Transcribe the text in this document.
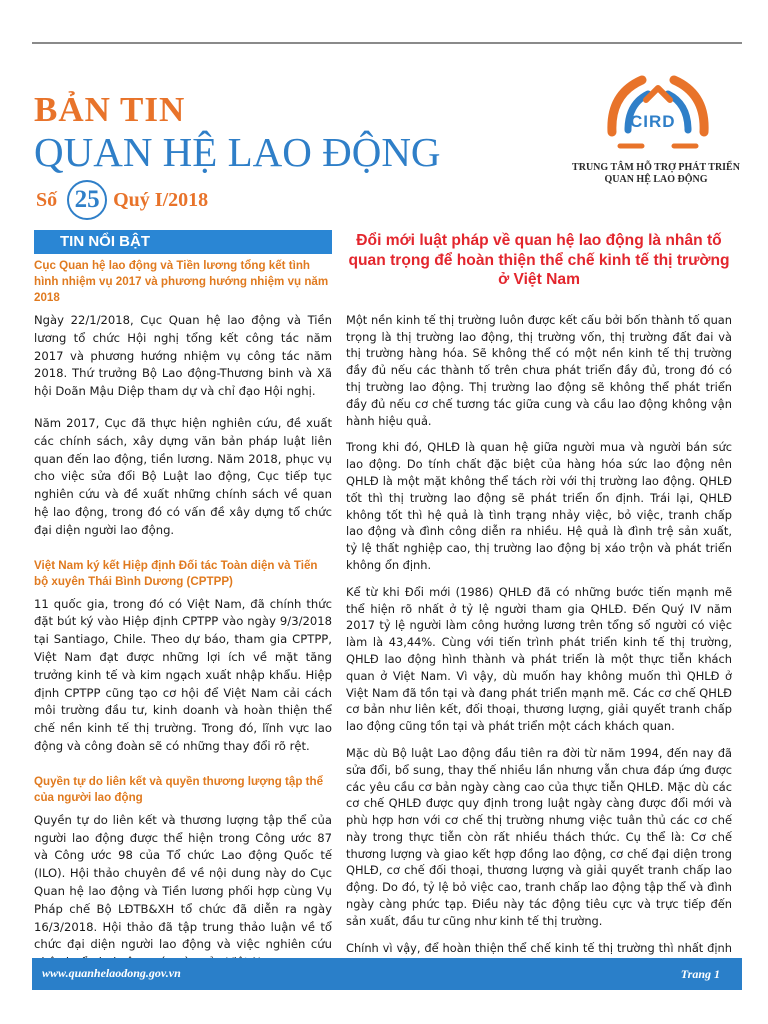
BẢN TIN
QUAN HỆ LAO ĐỘNG
Số 25 Quý I/2018
CIRD
TRUNG TÂM HỖ TRỢ PHÁT TRIỂN
QUAN HỆ LAO ĐỘNG
TIN NỔI BẬT
Cục Quan hệ lao động và Tiền lương tổng kết tình hình nhiệm vụ 2017 và phương hướng nhiệm vụ năm 2018

Ngày 22/1/2018, Cục Quan hệ lao động và Tiền lương tổ chức Hội nghị tổng kết công tác năm 2017 và phương hướng nhiệm vụ công tác năm 2018. Thứ trưởng Bộ Lao động-Thương binh và Xã hội Doãn Mậu Diệp tham dự và chỉ đạo Hội nghị.

Năm 2017, Cục đã thực hiện nghiên cứu, đề xuất các chính sách, xây dựng văn bản pháp luật liên quan đến lao động, tiền lương. Năm 2018, phục vụ cho việc sửa đổi Bộ Luật lao động, Cục tiếp tục nghiên cứu và đề xuất những chính sách về quan hệ lao động, trong đó có vấn đề xây dựng tổ chức đại diện người lao động.

Việt Nam ký kết Hiệp định Đối tác Toàn diện và Tiến bộ xuyên Thái Bình Dương (CPTPP)

11 quốc gia, trong đó có Việt Nam, đã chính thức đặt bút ký vào Hiệp định CPTPP vào ngày 9/3/2018 tại Santiago, Chile. Theo dự báo, tham gia CPTPP, Việt Nam đạt được những lợi ích về mặt tăng trưởng kinh tế và kim ngạch xuất nhập khẩu. Hiệp định CPTPP cũng tạo cơ hội để Việt Nam cải cách môi trường đầu tư, kinh doanh và hoàn thiện thể chế nền kinh tế thị trường. Trong đó, lĩnh vực lao động và công đoàn sẽ có những thay đổi rõ rệt.

Quyền tự do liên kết và quyền thương lượng tập thể của người lao động

Quyền tự do liên kết và thương lượng tập thể của người lao động được thể hiện trong Công ước 87 và Công ước 98 của Tổ chức Lao động Quốc tế (ILO). Hội thảo chuyên đề về nội dung này do Cục Quan hệ lao động và Tiền lương phối hợp cùng Vụ Pháp chế Bộ LĐTB&XH tổ chức đã diễn ra ngày 16/3/2018. Hội thảo đã tập trung thảo luận về tổ chức đại diện người lao động và việc nghiên cứu

Đổi mới luật pháp về quan hệ lao động là nhân tố quan trọng để hoàn thiện thể chế kinh tế thị trường ở Việt Nam

Một nền kinh tế thị trường luôn được kết cấu bởi bốn thành tố quan trọng là thị trường lao động, thị trường vốn, thị trường đất đai và thị trường hàng hóa. Sẽ không thể có một nền kinh tế thị trường đầy đủ nếu các thành tố trên chưa phát triển đầy đủ, trong đó có thị trường lao động. Thị trường lao động sẽ không thể phát triển đầy đủ nếu cơ chế tương tác giữa cung và cầu lao động không vận hành hiệu quả.

Trong khi đó, QHLĐ là quan hệ giữa người mua và người bán sức lao động. Do tính chất đặc biệt của hàng hóa sức lao động nên QHLĐ là một mặt không thể tách rời với thị trường lao động. QHLĐ tốt thì thị trường lao động sẽ phát triển ổn định. Trái lại, QHLĐ không tốt thì hệ quả là tình trạng nhảy việc, bỏ việc, tranh chấp lao động và đình công diễn ra nhiều. Hệ quả là đình trệ sản xuất, tỷ lệ thất nghiệp cao, thị trường lao động bị xáo trộn và phát triển không ổn định.

Kể từ khi Đổi mới (1986) QHLĐ đã có những bước tiến mạnh mẽ thể hiện rõ nhất ở tỷ lệ người tham gia QHLĐ. Đến Quý IV năm 2017 tỷ lệ người làm công hưởng lương trên tổng số người có việc làm là 43,44%. Cùng với tiến trình phát triển kinh tế thị trường, QHLĐ lao động hình thành và phát triển là một thực tiễn khách quan ở Việt Nam. Vì vậy, dù muốn hay không muốn thì QHLĐ ở Việt Nam đã tồn tại và đang phát triển mạnh mẽ. Các cơ chế QHLĐ cơ bản như liên kết, đối thoại, thương lượng, giải quyết tranh chấp lao động cũng tồn tại và phát triển một cách khách quan.

Mặc dù Bộ luật Lao động đầu tiên ra đời từ năm 1994, đến nay đã sửa đổi, bổ sung, thay thế nhiều lần nhưng vẫn chưa đáp ứng được các yêu cầu cơ bản ngày càng cao của thực tiễn QHLĐ. Mặc dù các cơ chế QHLĐ được quy định trong luật ngày càng được đổi mới và phù hợp hơn với cơ chế thị trường nhưng việc tuân thủ các cơ chế này trong thực tiễn còn rất nhiều thách thức. Cụ thể là: Cơ chế thương lượng và giao kết hợp đồng lao động, cơ chế đại diện trong QHLĐ, cơ chế đối thoại, thương lượng và giải quyết tranh chấp lao động. Do đó, tỷ lệ bỏ việc cao, tranh chấp lao động tập thể và đình ngày càng phức tạp. Điều này tác động tiêu cực và trực tiếp đến sản xuất, đầu tư cũng như kinh tế thị trường.

Chính vì vậy, để hoàn thiện thể chế kinh tế thị trường thì nhất định

www.quanhelaodong.gov.vn	Trang 1
